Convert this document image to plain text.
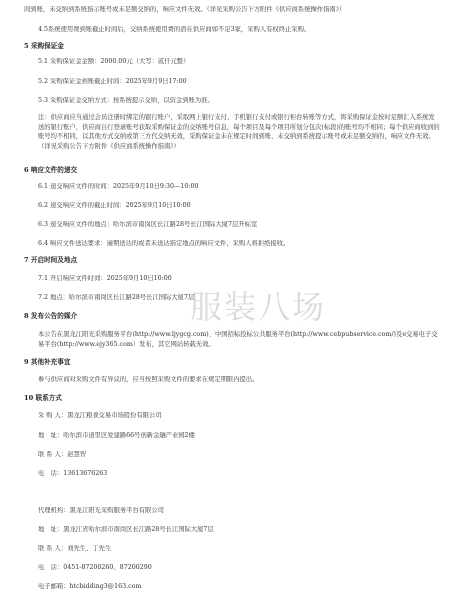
间到账，未交纳到系统指示账号或未足额交纳的，响应文件无效。（详见采购公告下方附件《供应商系统操作指南》）
4.5系统使用费到账截止时间后，交纳系统使用费的潜在供应商如不足3家，采购人有权终止采购。
5 采购保证金
5.1 采购保证金金额：2000.00元（大写：贰仟元整）
5.2 采购保证金到账截止时间：2025年9月9日17:00
5.3 采购保证金交纳方式：按系统提示交纳，以资金到账为准。
注：供应商应当通过会员注册时绑定的银行账户，采取网上银行支付、手机银行支付或银行柜台转账等方式，将采购保证金按时足额汇入系统发送的银行账户，供应商自行登录账号获取采购保证金的交纳账号信息，每个项目及每个项目所划分包次(标段)的账号均不相同；每个供应商收到的账号均不相同，以其他方式交纳或第三方代交纳无效，采购保证金未在规定时间到账、未交纳到系统提示账号或未足额交纳的，响应文件无效。（详见采购公告下方附件《供应商系统操作指南》）
6 响应文件的递交
6.1 递交响应文件的时间：2025年9月10日9:30—10:00
6.2 递交响应文件的截止时间：2025年9月10日10:00
6.3 递交响应文件的地点：哈尔滨市南岗区长江路28号长江国际大厦7层开标室
6.4 响应文件送达要求：逾期送达的或者未送达指定地点的响应文件，采购人将拒绝接收。
7 开启时间及地点
7.1 开启响应文件时间：2025年9月10日10:00
7.2 地点：哈尔滨市南岗区长江路28号长江国际大厦7层
8 发布公告的媒介
本公告在黑龙江阳光采购服务平台(http://www.ljygcg.com)、中国招标投标公共服务平台(http://www.cebpubservice.com/)及e交易电子交易平台(http://www.ejy365.com）发布，其它网站转载无效。
9 其他补充事宜
参与供应商对采购文件有异议的，应当按照采购文件的要求在规定期限内提出。
10 联系方式
采 购 人：黑龙江粮食交易市场股份有限公司
地　址：哈尔滨市道里区爱建路66号创新金融产业园2楼
联 系 人：赵慧智
电　话：13613676263
代理机构：黑龙江阳光采购服务平台有限公司
地　址：黑龙江省哈尔滨市南岗区长江路28号长江国际大厦7层
联 系 人：刘先生、丁先生
电　话：0451-87200260、87200290
电子邮箱：htcbidding3@163.com
服装八场
